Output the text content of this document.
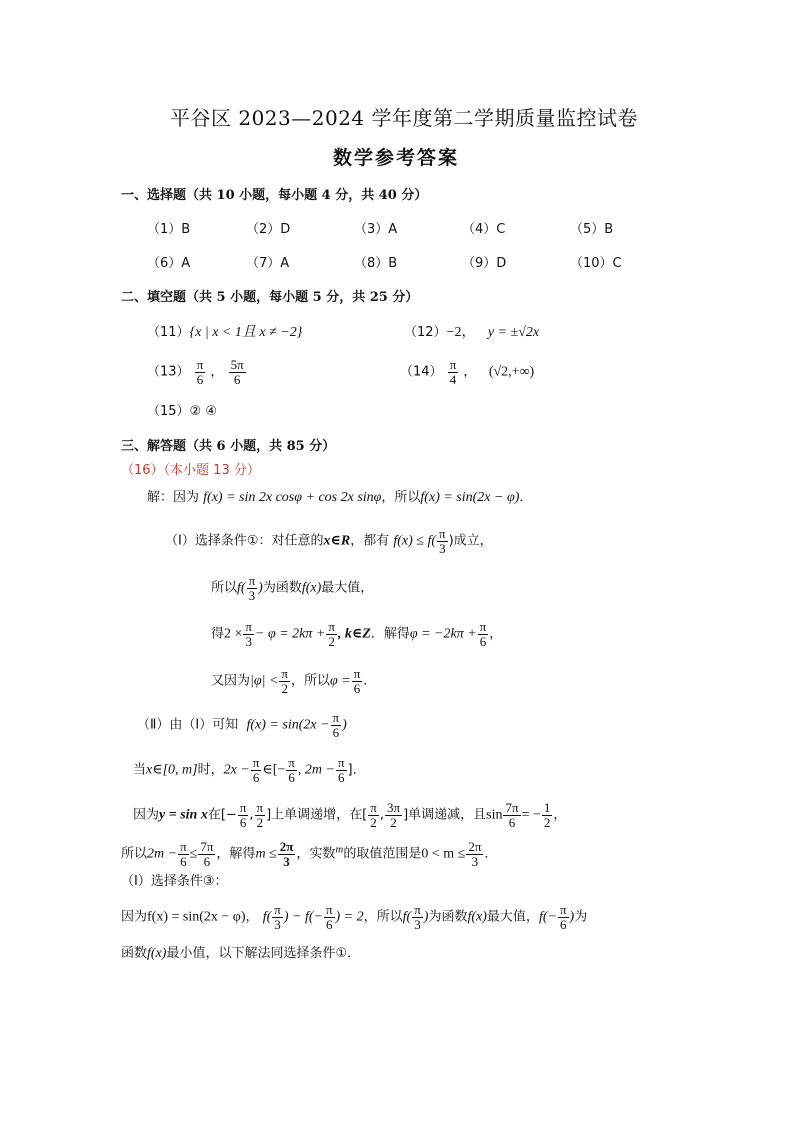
平谷区 2023—2024 学年度第二学期质量监控试卷
数学参考答案
一、选择题（共 10 小题，每小题 4 分，共 40 分）
（1）B	（2）D	（3）A	（4）C	（5）B
（6）A	（7）A	（8）B	（9）D	（10）C
二、填空题（共 5 小题，每小题 5 分，共 25 分）
（11）{x | x < 1且 x ≠ −2}	（12）−2， y = ±√2x
$(13) \frac{\pi}{6}$ ， $\frac{5\pi}{6}$	$(14) \frac{\pi}{4}$ ， (√2,+∞)
（15）② ④
三、解答题（共 6 小题，共 85 分）
（16）（本小题 13 分）
解：因为 f(x) = sin 2x cosφ + cos 2x sinφ，所以f(x) = sin(2x − φ)．
（Ⅰ）选择条件①：对任意的x∈R，都有 $f(x) \le f( \frac{\pi}{3}$ )成立，
所以$f( \frac{\pi}{3}$ )为函数f(x)最大值，
得$2 \times \frac{\pi}{3} - \varphi = 2k\pi + \frac{\pi}{2}$ , k∈Z．解得$\varphi = -2k\pi + \frac{\pi}{6}$ ，
又因为$|\varphi| < \frac{\pi}{2}$ ，所以$\varphi = \frac{\pi}{6}$ ．
（Ⅱ）由（Ⅰ）可知 $f(x) = \sin(2x - \frac{\pi}{6}$ )
当x∈[0, m]时，$2x - \frac{\pi}{6}$ ∈[− $\frac{\pi}{6}$ , $2m - \frac{\pi}{6}$ ]．
因为y = sin x在[− $\frac{\pi}{6}$ , $\frac{\pi}{2}$ ]上单调递增，在[ $\frac{\pi}{2}$ , $\frac{3\pi}{2}$ ]单调递减，且$\sin \frac{7\pi}{6}$ = − $\frac{1}{2}$ ，
所以$2m - \frac{\pi}{6} \le \frac{7\pi}{6}$ ，解得$m \le \frac{2\pi}{3}$ ，实数$^m$的取值范围是$0 < m \le \frac{2\pi}{3}$ ．
（Ⅰ）选择条件③：
因为f(x) = sin(2x − φ)， $f( \frac{\pi}{3}$ ) − $f(- \frac{\pi}{6}$ ) = 2，所以$f( \frac{\pi}{3}$ )为函数f(x)最大值，$f(- \frac{\pi}{6}$ )为
函数f(x)最小值，以下解法同选择条件①．
